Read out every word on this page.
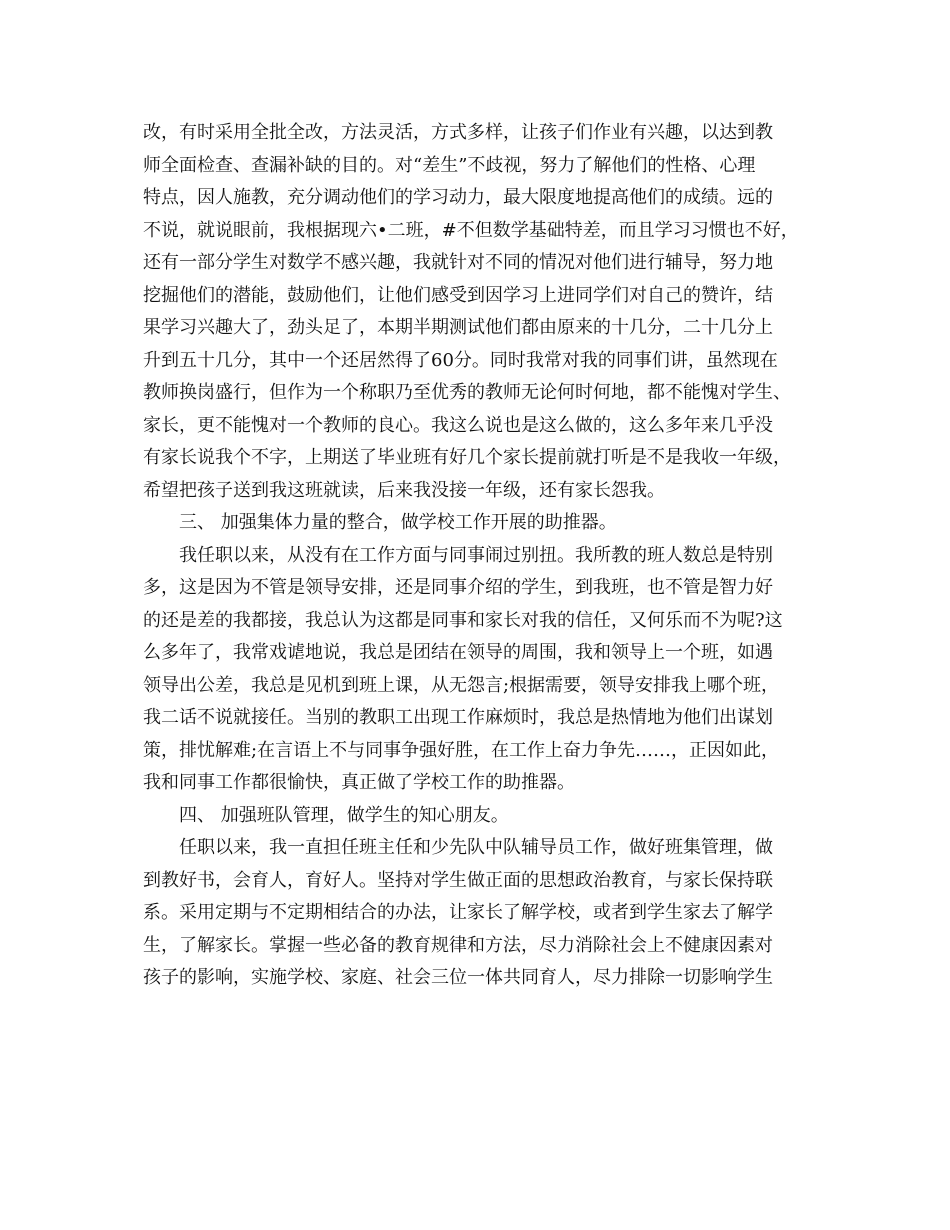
改，有时采用全批全改，方法灵活，方式多样，让孩子们作业有兴趣，以达到教
师全面检查、查漏补缺的目的。对“差生”不歧视，努力了解他们的性格、心理
特点，因人施教，充分调动他们的学习动力，最大限度地提高他们的成绩。远的
不说，就说眼前，我根据现六•二班，#不但数学基础特差，而且学习习惯也不好，
还有一部分学生对数学不感兴趣，我就针对不同的情况对他们进行辅导，努力地
挖掘他们的潜能，鼓励他们，让他们感受到因学习上进同学们对自己的赞许，结
果学习兴趣大了，劲头足了，本期半期测试他们都由原来的十几分，二十几分上
升到五十几分，其中一个还居然得了60分。同时我常对我的同事们讲，虽然现在
教师换岗盛行，但作为一个称职乃至优秀的教师无论何时何地，都不能愧对学生、
家长，更不能愧对一个教师的良心。我这么说也是这么做的，这么多年来几乎没
有家长说我个不字，上期送了毕业班有好几个家长提前就打听是不是我收一年级，
希望把孩子送到我这班就读，后来我没接一年级，还有家长怨我。
三、 加强集体力量的整合，做学校工作开展的助推器。
我任职以来，从没有在工作方面与同事闹过别扭。我所教的班人数总是特别
多，这是因为不管是领导安排，还是同事介绍的学生，到我班，也不管是智力好
的还是差的我都接，我总认为这都是同事和家长对我的信任，又何乐而不为呢?这
么多年了，我常戏谑地说，我总是团结在领导的周围，我和领导上一个班，如遇
领导出公差，我总是见机到班上课，从无怨言;根据需要，领导安排我上哪个班，
我二话不说就接任。当别的教职工出现工作麻烦时，我总是热情地为他们出谋划
策，排忧解难;在言语上不与同事争强好胜，在工作上奋力争先……，正因如此，
我和同事工作都很愉快，真正做了学校工作的助推器。
四、 加强班队管理，做学生的知心朋友。
任职以来，我一直担任班主任和少先队中队辅导员工作，做好班集管理，做
到教好书，会育人，育好人。坚持对学生做正面的思想政治教育，与家长保持联
系。采用定期与不定期相结合的办法，让家长了解学校，或者到学生家去了解学
生，了解家长。掌握一些必备的教育规律和方法，尽力消除社会上不健康因素对
孩子的影响，实施学校、家庭、社会三位一体共同育人，尽力排除一切影响学生
